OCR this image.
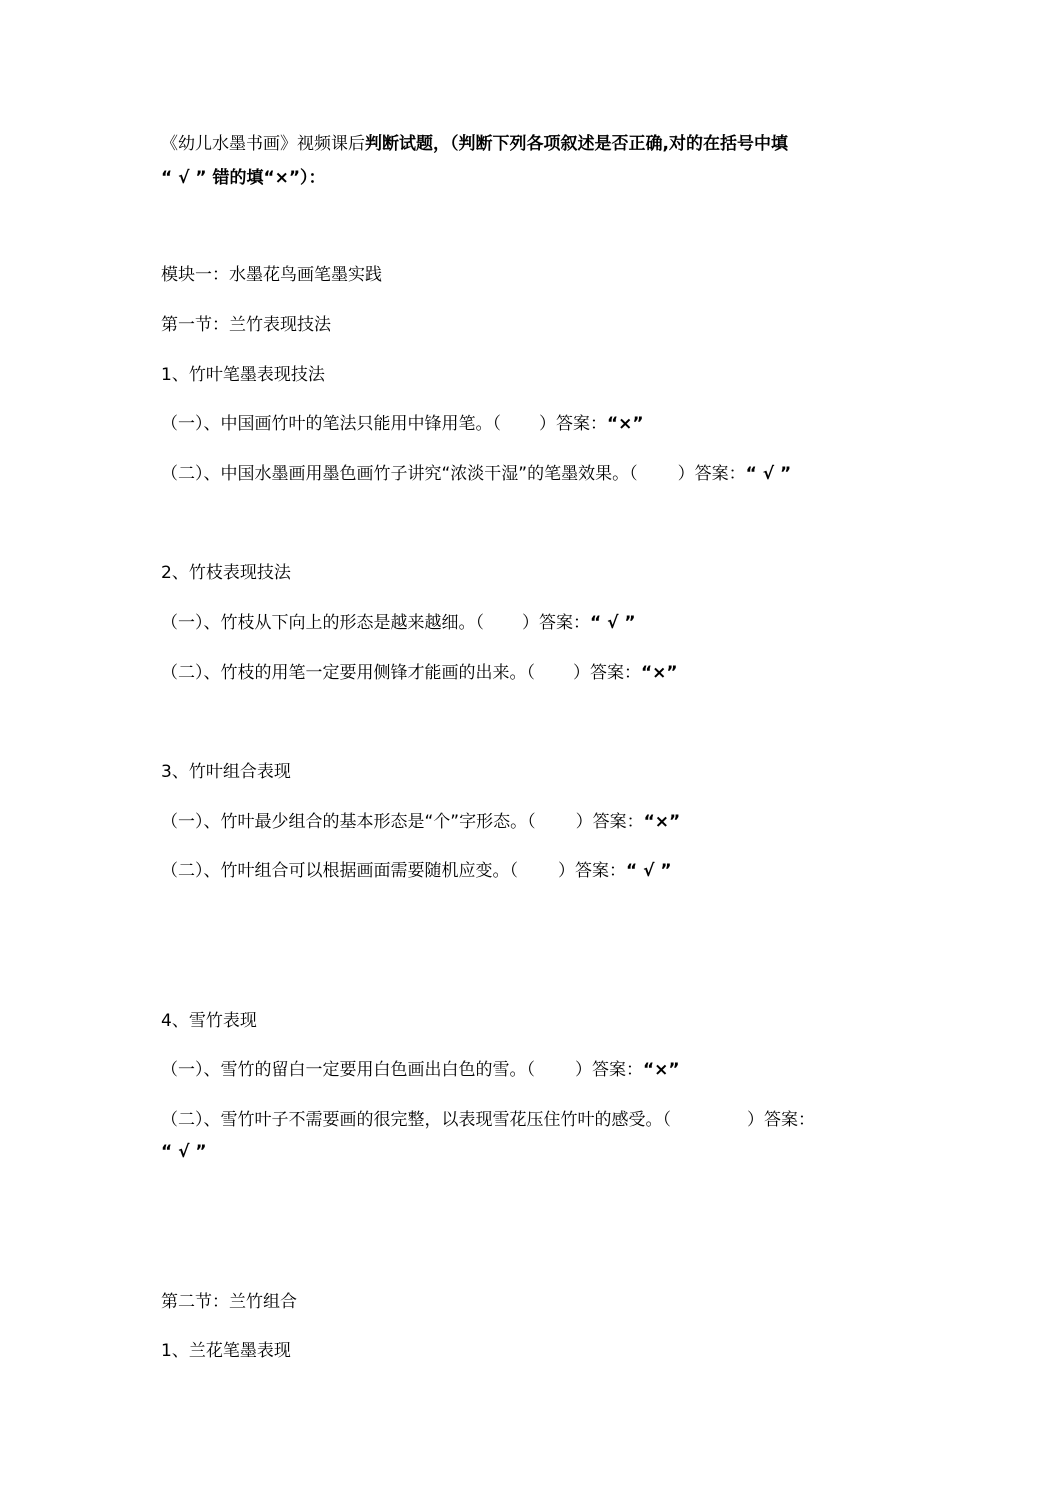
《幼儿水墨书画》视频课后判断试题，（判断下列各项叙述是否正确,对的在括号中填
“ √ ” 错的填“×”）：
模块一：水墨花鸟画笔墨实践
第一节：兰竹表现技法
1、竹叶笔墨表现技法
（一）、中国画竹叶的笔法只能用中锋用笔。（ ）答案：“×”
（二）、中国水墨画用墨色画竹子讲究“浓淡干湿”的笔墨效果。（ ）答案：“ √ ”
2、竹枝表现技法
（一）、竹枝从下向上的形态是越来越细。（ ）答案：“ √ ”
（二）、竹枝的用笔一定要用侧锋才能画的出来。（ ）答案：“×”
3、竹叶组合表现
（一）、竹叶最少组合的基本形态是“个”字形态。（ ）答案：“×”
（二）、竹叶组合可以根据画面需要随机应变。（ ）答案：“ √ ”
4、雪竹表现
（一）、雪竹的留白一定要用白色画出白色的雪。（ ）答案：“×”
（二）、雪竹叶子不需要画的很完整，以表现雪花压住竹叶的感受。（	）答案：
“ √ ”
第二节：兰竹组合
1、兰花笔墨表现
